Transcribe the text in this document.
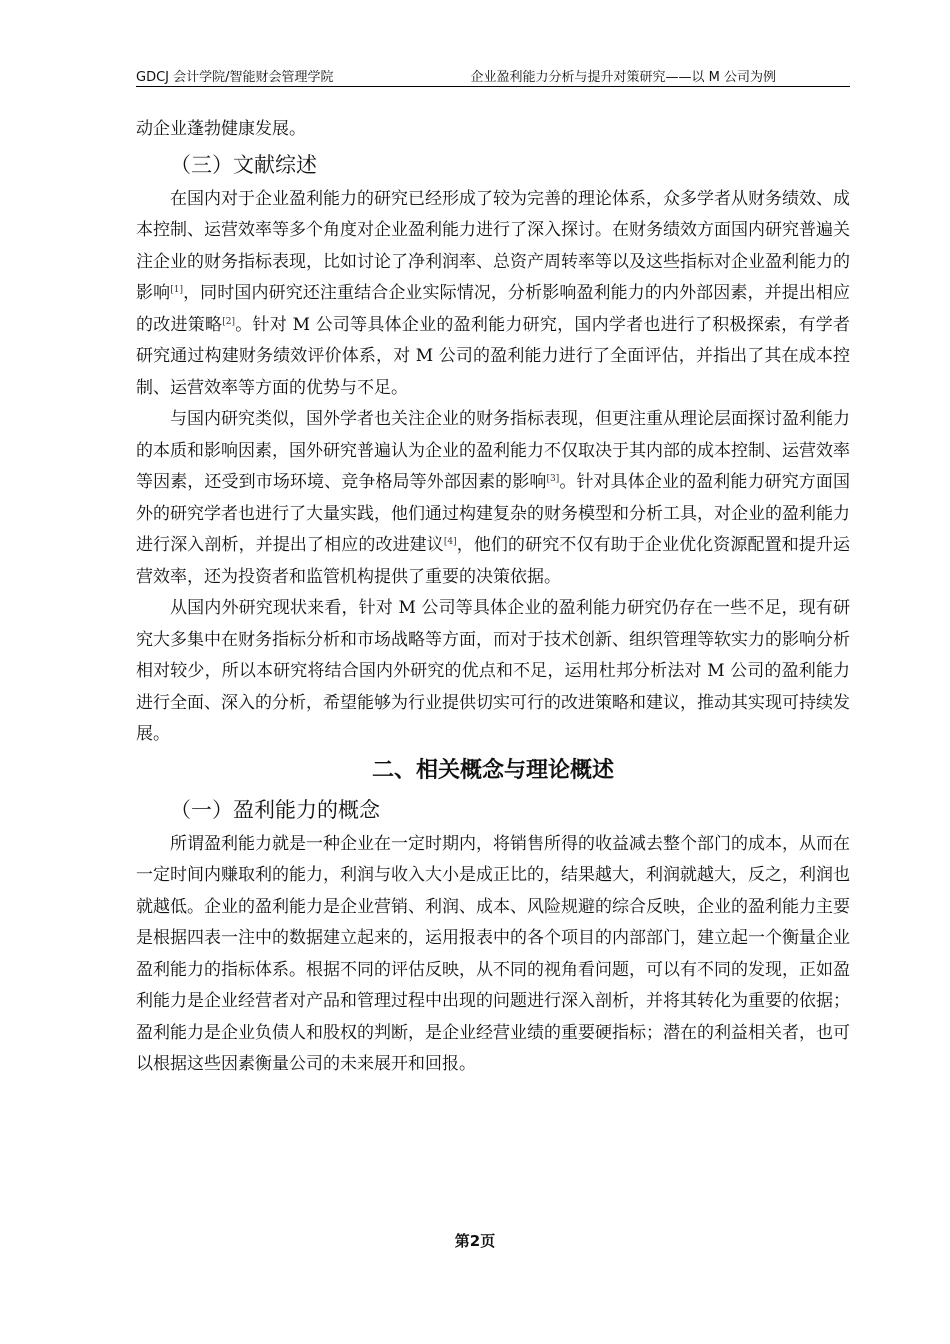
GDCJ 会计学院/智能财会管理学院	企业盈利能力分析与提升对策研究——以 M 公司为例

动企业蓬勃健康发展。

（三）文献综述

在国内对于企业盈利能力的研究已经形成了较为完善的理论体系，众多学者从财务绩效、成本控制、运营效率等多个角度对企业盈利能力进行了深入探讨。在财务绩效方面国内研究普遍关注企业的财务指标表现，比如讨论了净利润率、总资产周转率等以及这些指标对企业盈利能力的影响[1]，同时国内研究还注重结合企业实际情况，分析影响盈利能力的内外部因素，并提出相应的改进策略[2]。针对 M 公司等具体企业的盈利能力研究，国内学者也进行了积极探索，有学者研究通过构建财务绩效评价体系，对 M 公司的盈利能力进行了全面评估，并指出了其在成本控制、运营效率等方面的优势与不足。

与国内研究类似，国外学者也关注企业的财务指标表现，但更注重从理论层面探讨盈利能力的本质和影响因素，国外研究普遍认为企业的盈利能力不仅取决于其内部的成本控制、运营效率等因素，还受到市场环境、竞争格局等外部因素的影响[3]。针对具体企业的盈利能力研究方面国外的研究学者也进行了大量实践，他们通过构建复杂的财务模型和分析工具，对企业的盈利能力进行深入剖析，并提出了相应的改进建议[4]，他们的研究不仅有助于企业优化资源配置和提升运营效率，还为投资者和监管机构提供了重要的决策依据。

从国内外研究现状来看，针对 M 公司等具体企业的盈利能力研究仍存在一些不足，现有研究大多集中在财务指标分析和市场战略等方面，而对于技术创新、组织管理等软实力的影响分析相对较少，所以本研究将结合国内外研究的优点和不足，运用杜邦分析法对 M 公司的盈利能力进行全面、深入的分析，希望能够为行业提供切实可行的改进策略和建议，推动其实现可持续发展。

二、相关概念与理论概述
（一）盈利能力的概念

所谓盈利能力就是一种企业在一定时期内，将销售所得的收益减去整个部门的成本，从而在一定时间内赚取利的能力，利润与收入大小是成正比的，结果越大，利润就越大，反之，利润也就越低。企业的盈利能力是企业营销、利润、成本、风险规避的综合反映，企业的盈利能力主要是根据四表一注中的数据建立起来的，运用报表中的各个项目的内部部门，建立起一个衡量企业盈利能力的指标体系。根据不同的评估反映，从不同的视角看问题，可以有不同的发现，正如盈利能力是企业经营者对产品和管理过程中出现的问题进行深入剖析，并将其转化为重要的依据；盈利能力是企业负债人和股权的判断，是企业经营业绩的重要硬指标；潜在的利益相关者，也可以根据这些因素衡量公司的未来展开和回报。

第2页
